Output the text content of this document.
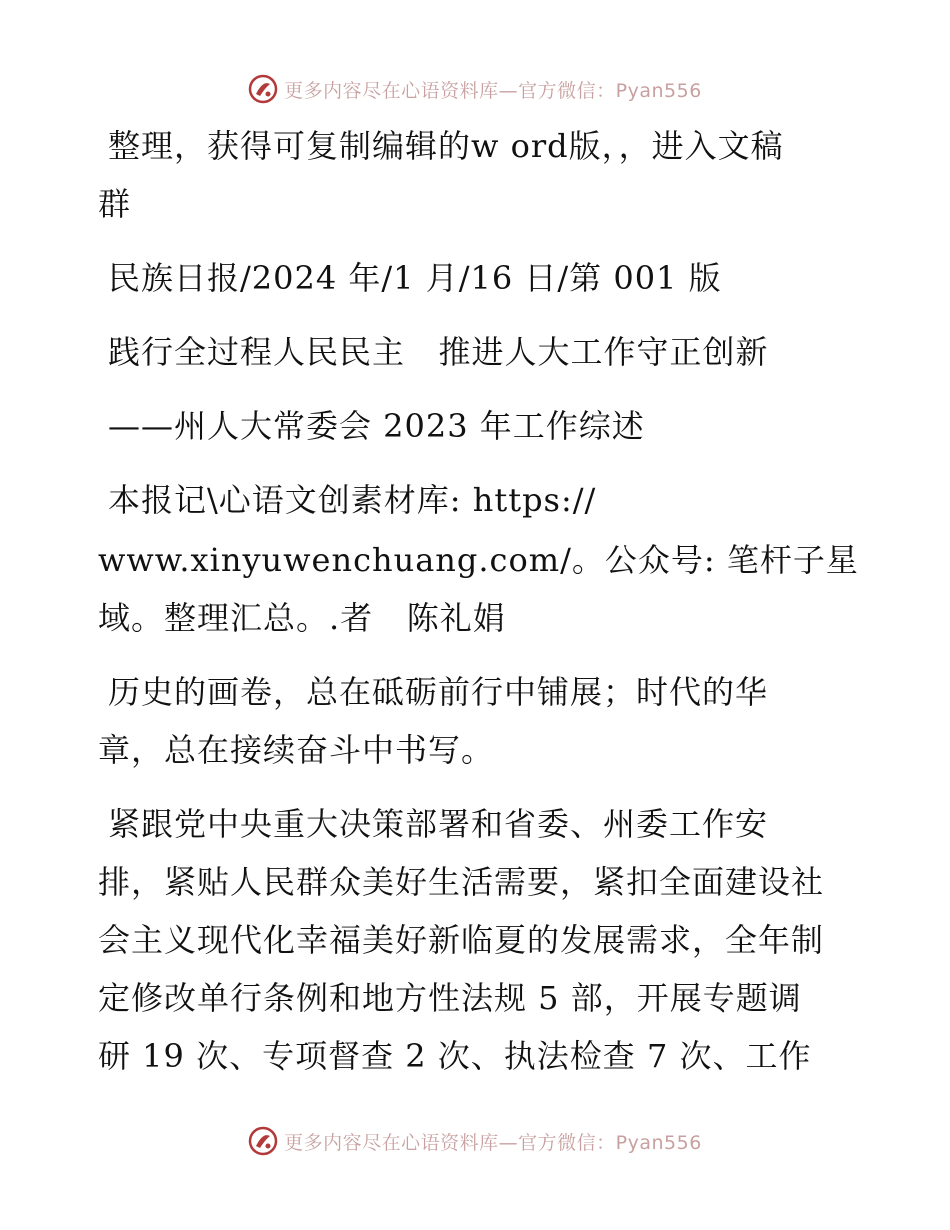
更多内容尽在心语资料库—官方微信：Pyan556
整理，获得可复制编辑的w ord版，，进入文稿
群
民族日报/2024 年/1 月/16 日/第 001 版
践行全过程人民民主   推进人大工作守正创新
——州人大常委会 2023 年工作综述
本报记\心语文创素材库: https://
www.xinyuwenchuang.com/。公众号: 笔杆子星
域。整理汇总。.者   陈礼娟
历史的画卷，总在砥砺前行中铺展；时代的华
章，总在接续奋斗中书写。
紧跟党中央重大决策部署和省委、州委工作安
排，紧贴人民群众美好生活需要，紧扣全面建设社
会主义现代化幸福美好新临夏的发展需求，全年制
定修改单行条例和地方性法规 5 部，开展专题调
研 19 次、专项督查 2 次、执法检查 7 次、工作
更多内容尽在心语资料库—官方微信：Pyan556
